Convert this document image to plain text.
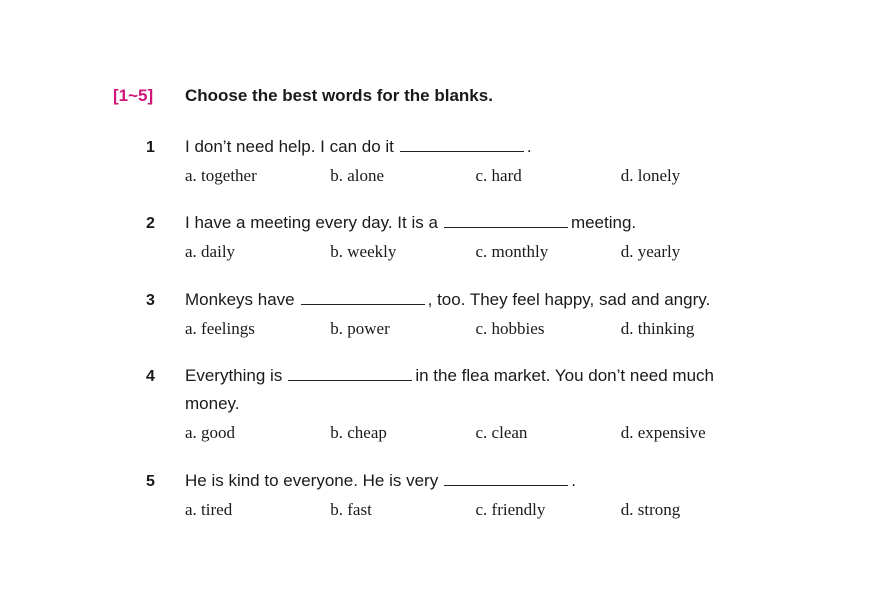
[1~5]	Choose the best words for the blanks.
1	I don’t need help. I can do it	.
a. together	b. alone	c. hard	d. lonely
2	I have a meeting every day. It is a	meeting.
a. daily	b. weekly	c. monthly	d. yearly
3	Monkeys have	, too. They feel happy, sad and angry.
a. feelings	b. power	c. hobbies	d. thinking
4	Everything is	in the flea market. You don’t need much money.
a. good	b. cheap	c. clean	d. expensive
5	He is kind to everyone. He is very	.
a. tired	b. fast	c. friendly	d. strong
